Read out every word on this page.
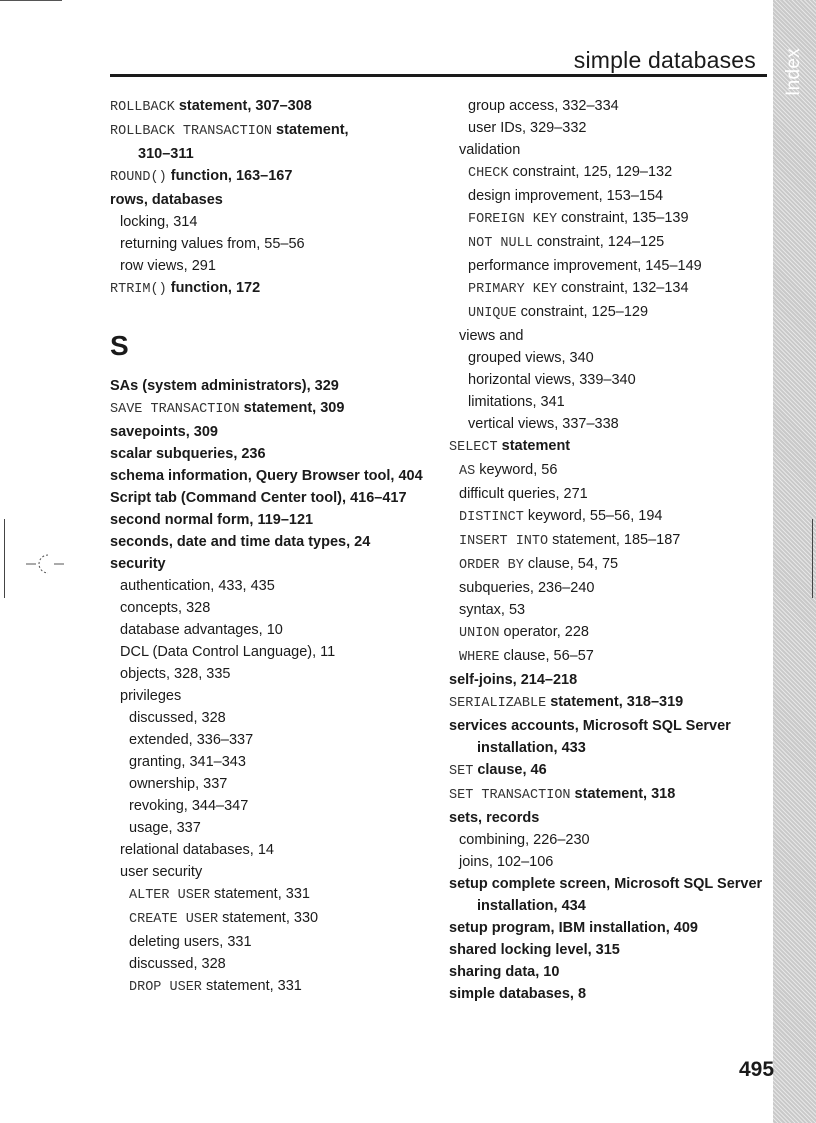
Index
simple databases
ROLLBACK statement, 307–308
ROLLBACK TRANSACTION statement,
310–311
ROUND() function, 163–167
rows, databases
locking, 314
returning values from, 55–56
row views, 291
RTRIM() function, 172
S
SAs (system administrators), 329
SAVE TRANSACTION statement, 309
savepoints, 309
scalar subqueries, 236
schema information, Query Browser tool, 404
Script tab (Command Center tool), 416–417
second normal form, 119–121
seconds, date and time data types, 24
security
authentication, 433, 435
concepts, 328
database advantages, 10
DCL (Data Control Language), 11
objects, 328, 335
privileges
discussed, 328
extended, 336–337
granting, 341–343
ownership, 337
revoking, 344–347
usage, 337
relational databases, 14
user security
ALTER USER statement, 331
CREATE USER statement, 330
deleting users, 331
discussed, 328
DROP USER statement, 331
group access, 332–334
user IDs, 329–332
validation
CHECK constraint, 125, 129–132
design improvement, 153–154
FOREIGN KEY constraint, 135–139
NOT NULL constraint, 124–125
performance improvement, 145–149
PRIMARY KEY constraint, 132–134
UNIQUE constraint, 125–129
views and
grouped views, 340
horizontal views, 339–340
limitations, 341
vertical views, 337–338
SELECT statement
AS keyword, 56
difficult queries, 271
DISTINCT keyword, 55–56, 194
INSERT INTO statement, 185–187
ORDER BY clause, 54, 75
subqueries, 236–240
syntax, 53
UNION operator, 228
WHERE clause, 56–57
self-joins, 214–218
SERIALIZABLE statement, 318–319
services accounts, Microsoft SQL Server
installation, 433
SET clause, 46
SET TRANSACTION statement, 318
sets, records
combining, 226–230
joins, 102–106
setup complete screen, Microsoft SQL Server
installation, 434
setup program, IBM installation, 409
shared locking level, 315
sharing data, 10
simple databases, 8
495
